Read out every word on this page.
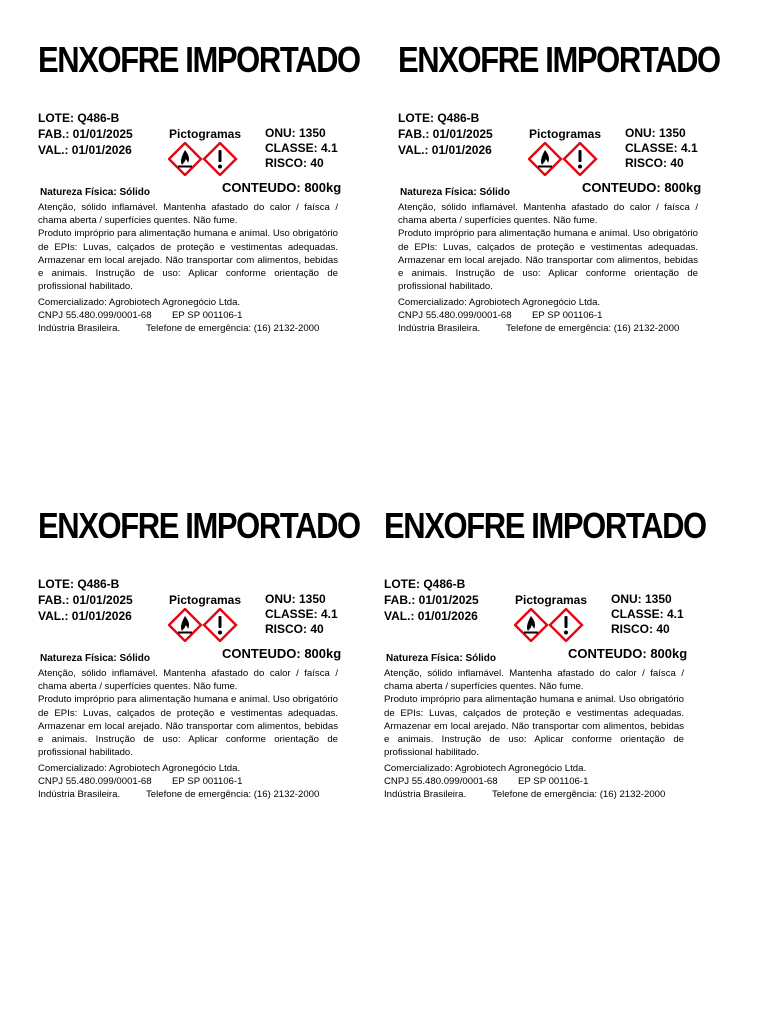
ENXOFRE IMPORTADO
LOTE: Q486-B
FAB.: 01/01/2025
VAL.: 01/01/2026
Pictogramas ONU: 1350
CLASSE: 4.1
RISCO: 40
CONTEUDO: 800kg
Natureza Física: Sólido

Atenção, sólido inflamável. Mantenha afastado do calor / faísca / chama aberta / superfícies quentes. Não fume.

Produto impróprio para alimentação humana e animal. Uso obrigatório de EPIs: Luvas, calçados de proteção e vestimentas adequadas. Armazenar em local arejado. Não transportar com alimentos, bebidas e animais. Instrução de uso: Aplicar conforme orientação de profissional habilitado.

Comercializado: Agrobiotech Agronegócio Ltda.
CNPJ 55.480.099/0001-68 EP SP 001106-1
Indústria Brasileira.	Telefone de emergência: (16) 2132-2000
ENXOFRE IMPORTADO
LOTE: Q486-B
FAB.: 01/01/2025
VAL.: 01/01/2026
Pictogramas ONU: 1350
CLASSE: 4.1
RISCO: 40
CONTEUDO: 800kg
Natureza Física: Sólido

Atenção, sólido inflamável. Mantenha afastado do calor / faísca / chama aberta / superfícies quentes. Não fume.

Produto impróprio para alimentação humana e animal. Uso obrigatório de EPIs: Luvas, calçados de proteção e vestimentas adequadas. Armazenar em local arejado. Não transportar com alimentos, bebidas e animais. Instrução de uso: Aplicar conforme orientação de profissional habilitado.

Comercializado: Agrobiotech Agronegócio Ltda.
CNPJ 55.480.099/0001-68 EP SP 001106-1
Indústria Brasileira.	Telefone de emergência: (16) 2132-2000
ENXOFRE IMPORTADO
LOTE: Q486-B
FAB.: 01/01/2025
VAL.: 01/01/2026
Pictogramas ONU: 1350
CLASSE: 4.1
RISCO: 40
CONTEUDO: 800kg
Natureza Física: Sólido

Atenção, sólido inflamável. Mantenha afastado do calor / faísca / chama aberta / superfícies quentes. Não fume.

Produto impróprio para alimentação humana e animal. Uso obrigatório de EPIs: Luvas, calçados de proteção e vestimentas adequadas. Armazenar em local arejado. Não transportar com alimentos, bebidas e animais. Instrução de uso: Aplicar conforme orientação de profissional habilitado.

Comercializado: Agrobiotech Agronegócio Ltda.
CNPJ 55.480.099/0001-68 EP SP 001106-1
Indústria Brasileira.	Telefone de emergência: (16) 2132-2000
ENXOFRE IMPORTADO
LOTE: Q486-B
FAB.: 01/01/2025
VAL.: 01/01/2026
Pictogramas ONU: 1350
CLASSE: 4.1
RISCO: 40
CONTEUDO: 800kg
Natureza Física: Sólido

Atenção, sólido inflamável. Mantenha afastado do calor / faísca / chama aberta / superfícies quentes. Não fume.

Produto impróprio para alimentação humana e animal. Uso obrigatório de EPIs: Luvas, calçados de proteção e vestimentas adequadas. Armazenar em local arejado. Não transportar com alimentos, bebidas e animais. Instrução de uso: Aplicar conforme orientação de profissional habilitado.

Comercializado: Agrobiotech Agronegócio Ltda.
CNPJ 55.480.099/0001-68 EP SP 001106-1
Indústria Brasileira.	Telefone de emergência: (16) 2132-2000
